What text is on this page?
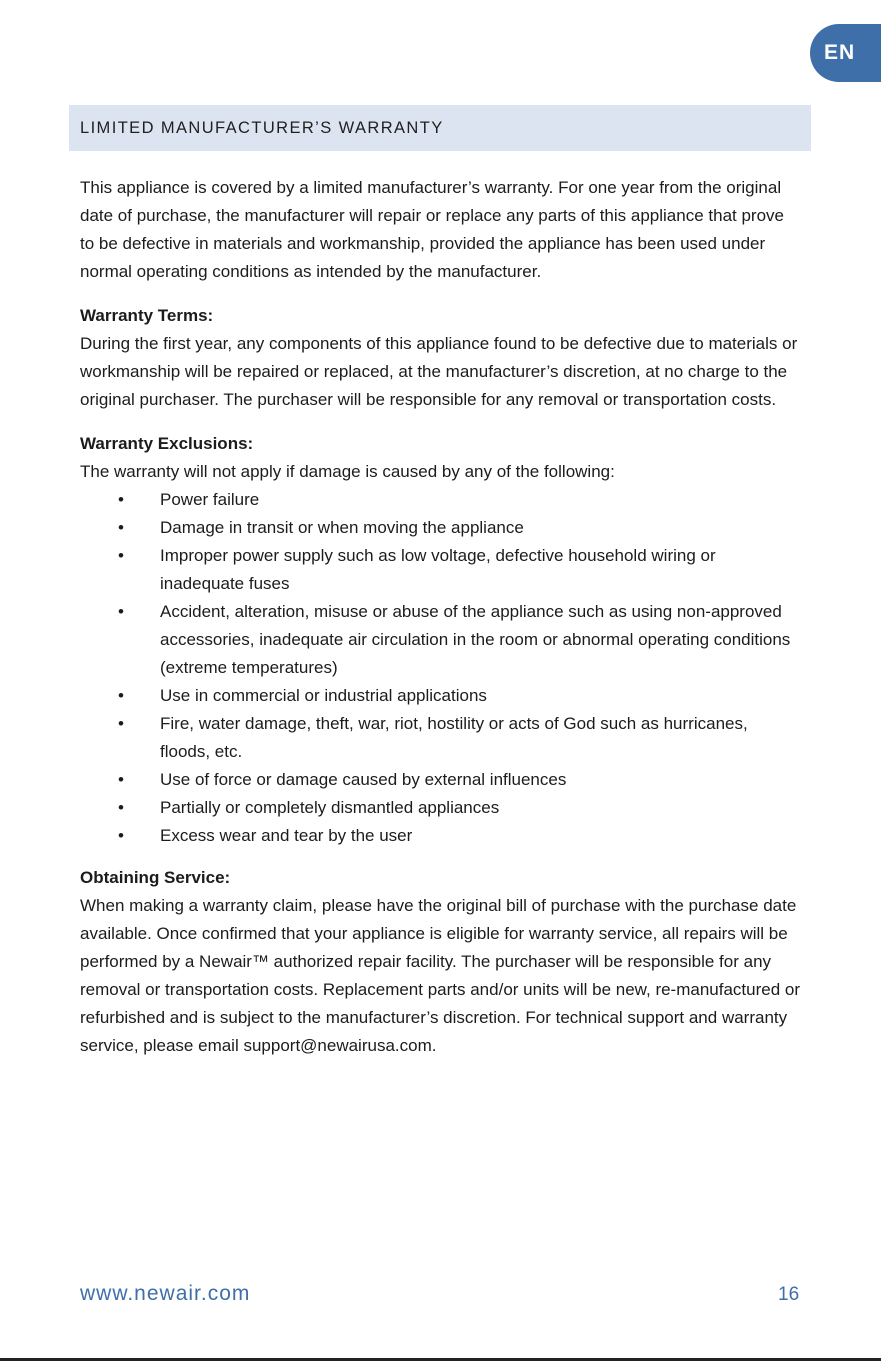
EN
LIMITED MANUFACTURER’S WARRANTY

This appliance is covered by a limited manufacturer’s warranty. For one year from the original date of purchase, the manufacturer will repair or replace any parts of this appliance that prove to be defective in materials and workmanship, provided the appliance has been used under normal operating conditions as intended by the manufacturer.

Warranty Terms:

During the first year, any components of this appliance found to be defective due to materials or workmanship will be repaired or replaced, at the manufacturer’s discretion, at no charge to the original purchaser. The purchaser will be responsible for any removal or transportation costs.

Warranty Exclusions:

The warranty will not apply if damage is caused by any of the following:

• Power failure
• Damage in transit or when moving the appliance
• Improper power supply such as low voltage, defective household wiring or inadequate fuses
• Accident, alteration, misuse or abuse of the appliance such as using non-approved accessories, inadequate air circulation in the room or abnormal operating conditions (extreme temperatures)
• Use in commercial or industrial applications
• Fire, water damage, theft, war, riot, hostility or acts of God such as hurricanes, floods, etc.
• Use of force or damage caused by external influences
• Partially or completely dismantled appliances
• Excess wear and tear by the user

Obtaining Service:

When making a warranty claim, please have the original bill of purchase with the purchase date available. Once confirmed that your appliance is eligible for warranty service, all repairs will be performed by a Newair™ authorized repair facility. The purchaser will be responsible for any removal or transportation costs. Replacement parts and/or units will be new, re-manufactured or refurbished and is subject to the manufacturer’s discretion. For technical support and warranty service, please email support@newairusa.com.

www.newair.com	16
